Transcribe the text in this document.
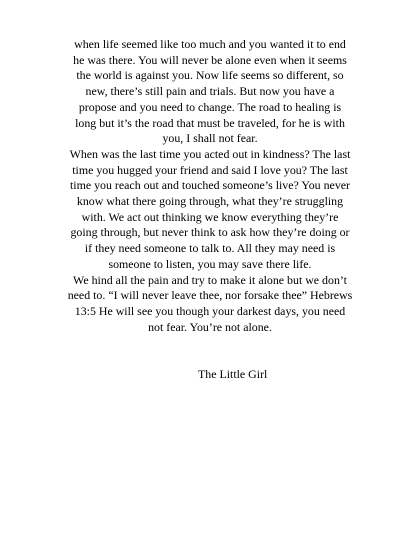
when life seemed like too much and you wanted it to end
he was there. You will never be alone even when it seems
the world is against you. Now life seems so different, so
new, there’s still pain and trials. But now you have a
propose and you need to change. The road to healing is
long but it’s the road that must be traveled, for he is with
you, I shall not fear.
When was the last time you acted out in kindness? The last
time you hugged your friend and said I love you? The last
time you reach out and touched someone’s live? You never
know what there going through, what they’re struggling
with. We act out thinking we know everything they’re
going through, but never think to ask how they’re doing or
if they need someone to talk to. All they may need is
someone to listen, you may save there life.
We hind all the pain and try to make it alone but we don’t
need to. “I will never leave thee, nor forsake thee” Hebrews
13:5 He will see you though your darkest days, you need
not fear. You’re not alone.
The Little Girl
